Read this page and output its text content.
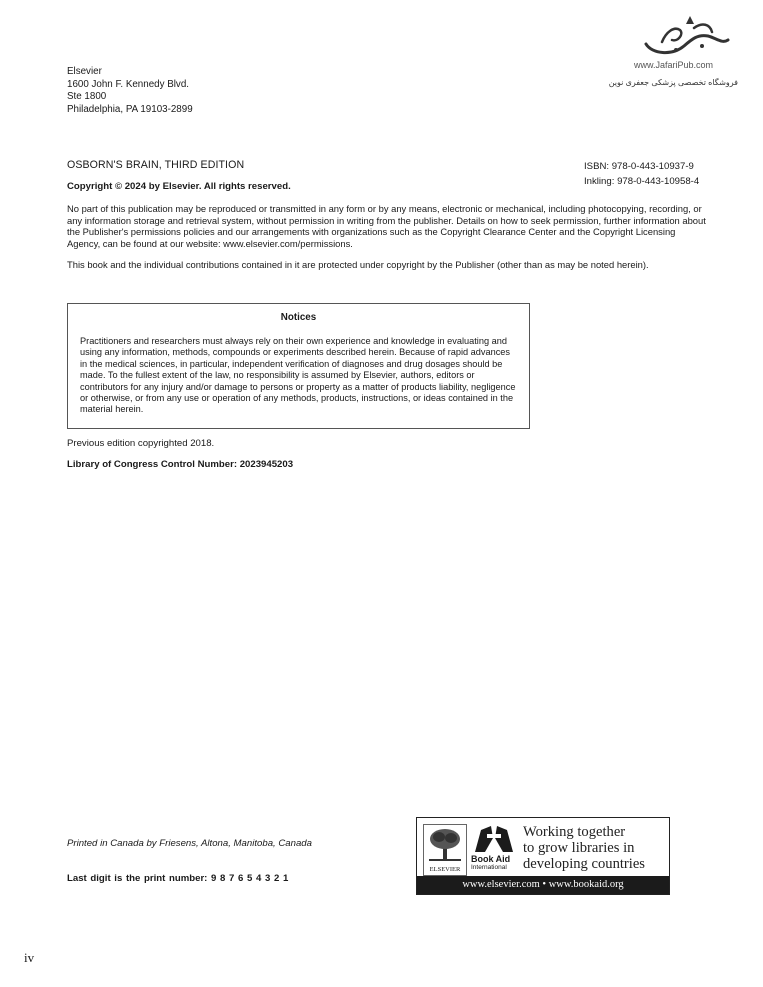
www.JafariPub.com
فروشگاه تخصصی پزشکی جعفری نوین
Elsevier
1600 John F. Kennedy Blvd.
Ste 1800
Philadelphia, PA 19103-2899
OSBORN'S BRAIN, THIRD EDITION	ISBN: 978-0-443-10937-9
Inkling: 978-0-443-10958-4
Copyright © 2024 by Elsevier. All rights reserved.
No part of this publication may be reproduced or transmitted in any form or by any means, electronic or mechanical, including photocopying, recording, or any information storage and retrieval system, without permission in writing from the publisher. Details on how to seek permission, further information about the Publisher's permissions policies and our arrangements with organizations such as the Copyright Clearance Center and the Copyright Licensing Agency, can be found at our website: www.elsevier.com/permissions.
This book and the individual contributions contained in it are protected under copyright by the Publisher (other than as may be noted herein).
Notices
Practitioners and researchers must always rely on their own experience and knowledge in evaluating and using any information, methods, compounds or experiments described herein. Because of rapid advances in the medical sciences, in particular, independent verification of diagnoses and drug dosages should be made. To the fullest extent of the law, no responsibility is assumed by Elsevier, authors, editors or contributors for any injury and/or damage to persons or property as a matter of products liability, negligence or otherwise, or from any use or operation of any methods, products, instructions, or ideas contained in the material herein.
Previous edition copyrighted 2018.
Library of Congress Control Number: 2023945203
Printed in Canada by Friesens, Altona, Manitoba, Canada
Last digit is the print number: 9 8 7 6 5 4 3 2 1
ELSEVIER
Book Aid
International
Working together
to grow libraries in
developing countries
www.elsevier.com • www.bookaid.org
iv
